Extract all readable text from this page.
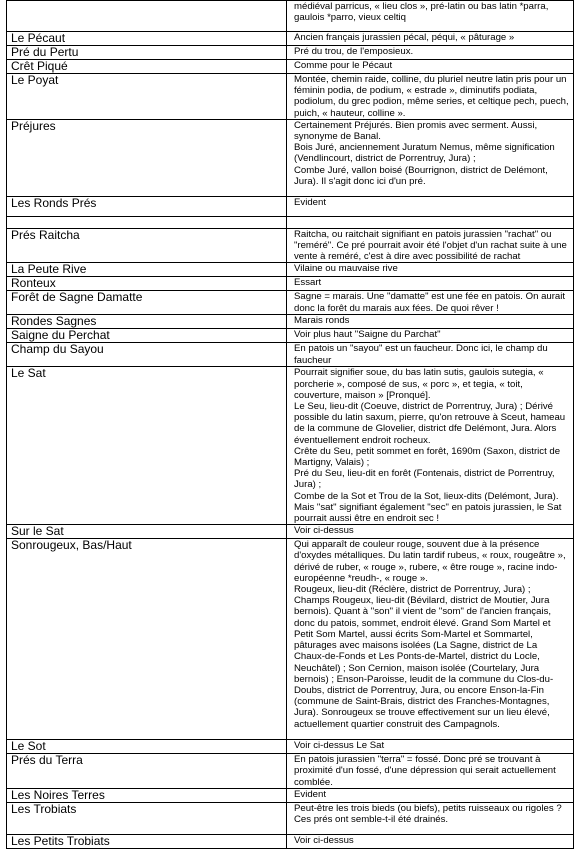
	médiéval parricus, « lieu clos », pré-latin ou bas latin *parra, gaulois *parro, vieux celtiq

Le Pécaut	Ancien français jurassien pécal, péqui, « pâturage »

Pré du Pertu	Pré du trou, de l'emposieux.

Crêt Piqué	Comme pour le Pécaut

Le Poyat	Montée, chemin raide, colline, du pluriel neutre latin pris pour un féminin podia, de podium, « estrade », diminutifs podiata, podiolum, du grec podion, même series, et celtique pech, puech, puich, « hauteur, colline ».

Préjures	Certainement Préjurés. Bien promis avec serment. Aussi, synonyme de Banal.
Bois Juré, anciennement Juratum Nemus, même signification (Vendlincourt, district de Porrentruy, Jura) ;
Combe Juré, vallon boisé (Bourrignon, district de Delémont, Jura). Il s'agit donc ici d'un pré.

Les Ronds Prés	Evident

Prés Raitcha	Raitcha, ou raitchait signifiant en patois jurassien "rachat" ou "reméré". Ce pré pourrait avoir été l'objet d'un rachat suite à une vente à reméré, c'est à dire avec possibilité de rachat

La Peute Rive	Vilaine ou mauvaise rive

Ronteux	Essart

Forêt de Sagne Damatte	Sagne = marais. Une "damatte" est une fée en patois. On aurait donc la forêt du marais aux fées. De quoi rêver !

Rondes Sagnes	Marais ronds

Saigne du Perchat	Voir plus haut "Saigne du Parchat"

Champ du Sayou	En patois un "sayou" est un faucheur. Donc ici, le champ du faucheur

Le Sat	Pourrait signifier soue, du bas latin sutis, gaulois sutegia, « porcherie », composé de sus, « porc », et tegia, « toit, couverture, maison » [Pronqué].
Le Seu, lieu-dit (Coeuve, district de Porrentruy, Jura) ; Dérivé possible du latin saxum, pierre, qu'on retrouve à Sceut, hameau de la commune de Glovelier, district dfe Delémont, Jura. Alors éventuellement endroit rocheux.
Crête du Seu, petit sommet en forêt, 1690m (Saxon, district de Martigny, Valais) ;
Pré du Seu, lieu-dit en forêt (Fontenais, district de Porrentruy, Jura) ;
Combe de la Sot et Trou de la Sot, lieux-dits (Delémont, Jura). Mais "sat" signifiant également "sec" en patois jurassien, le Sat pourrait aussi être en endroit sec !

Sur le Sat	Voir ci-dessus

Sonrougeux, Bas/Haut	Qui apparaît de couleur rouge, souvent due à la présence d'oxydes métalliques. Du latin tardif rubeus, « roux, rougeâtre », dérivé de ruber, « rouge », rubere, « être rouge », racine indo-européenne *reudh-, « rouge ».
Rougeux, lieu-dit (Réclère, district de Porrentruy, Jura) ;
Champs Rougeux, lieu-dit (Bévilard, district de Moutier, Jura bernois). Quant à "son" il vient de "som" de l'ancien français, donc du patois, sommet, endroit élevé. Grand Som Martel et Petit Som Martel, aussi écrits Som-Martel et Sommartel, pâturages avec maisons isolées (La Sagne, district de La Chaux-de-Fonds et Les Ponts-de-Martel, district du Locle, Neuchâtel) ; Son Cernion, maison isolée (Courtelary, Jura bernois) ; Enson-Paroisse, leudit de la commune du Clos-du-Doubs, district de Porrentruy, Jura, ou encore Enson-la-Fin (commune de Saint-Brais, district des Franches-Montagnes, Jura). Sonrougeux se trouve effectivement sur un lieu élevé, actuellement quartier construit des Campagnols.

Le Sot	Voir ci-dessus Le Sat

Prés du Terra	En patois jurassien "terra" = fossé. Donc pré se trouvant à proximité d'un fossé, d'une dépression qui serait actuellement comblée.

Les Noires Terres	Evident

Les Trobiats	Peut-être les trois bieds (ou biefs), petits ruisseaux ou rigoles ? Ces prés ont semble-t-il été drainés.

Les Petits Trobiats	Voir ci-dessus
